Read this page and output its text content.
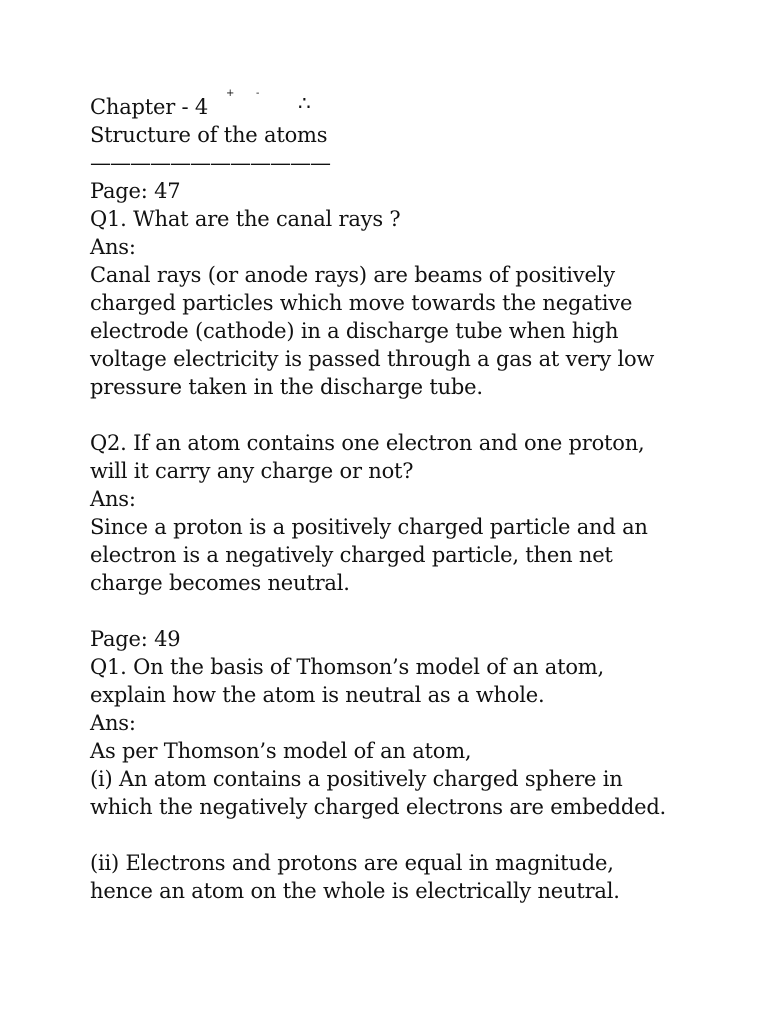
Chapter - 4
+ - ∴
Structure of the atoms
————————————
Page: 47
Q1. What are the canal rays ?
Ans:
Canal rays (or anode rays) are beams of positively
charged particles which move towards the negative
electrode (cathode) in a discharge tube when high
voltage electricity is passed through a gas at very low
pressure taken in the discharge tube.
Q2. If an atom contains one electron and one proton,
will it carry any charge or not?
Ans:
Since a proton is a positively charged particle and an
electron is a negatively charged particle, then net
charge becomes neutral.
Page: 49
Q1. On the basis of Thomson’s model of an atom,
explain how the atom is neutral as a whole.
Ans:
As per Thomson’s model of an atom,
(i) An atom contains a positively charged sphere in
which the negatively charged electrons are embedded.
(ii) Electrons and protons are equal in magnitude,
hence an atom on the whole is electrically neutral.
